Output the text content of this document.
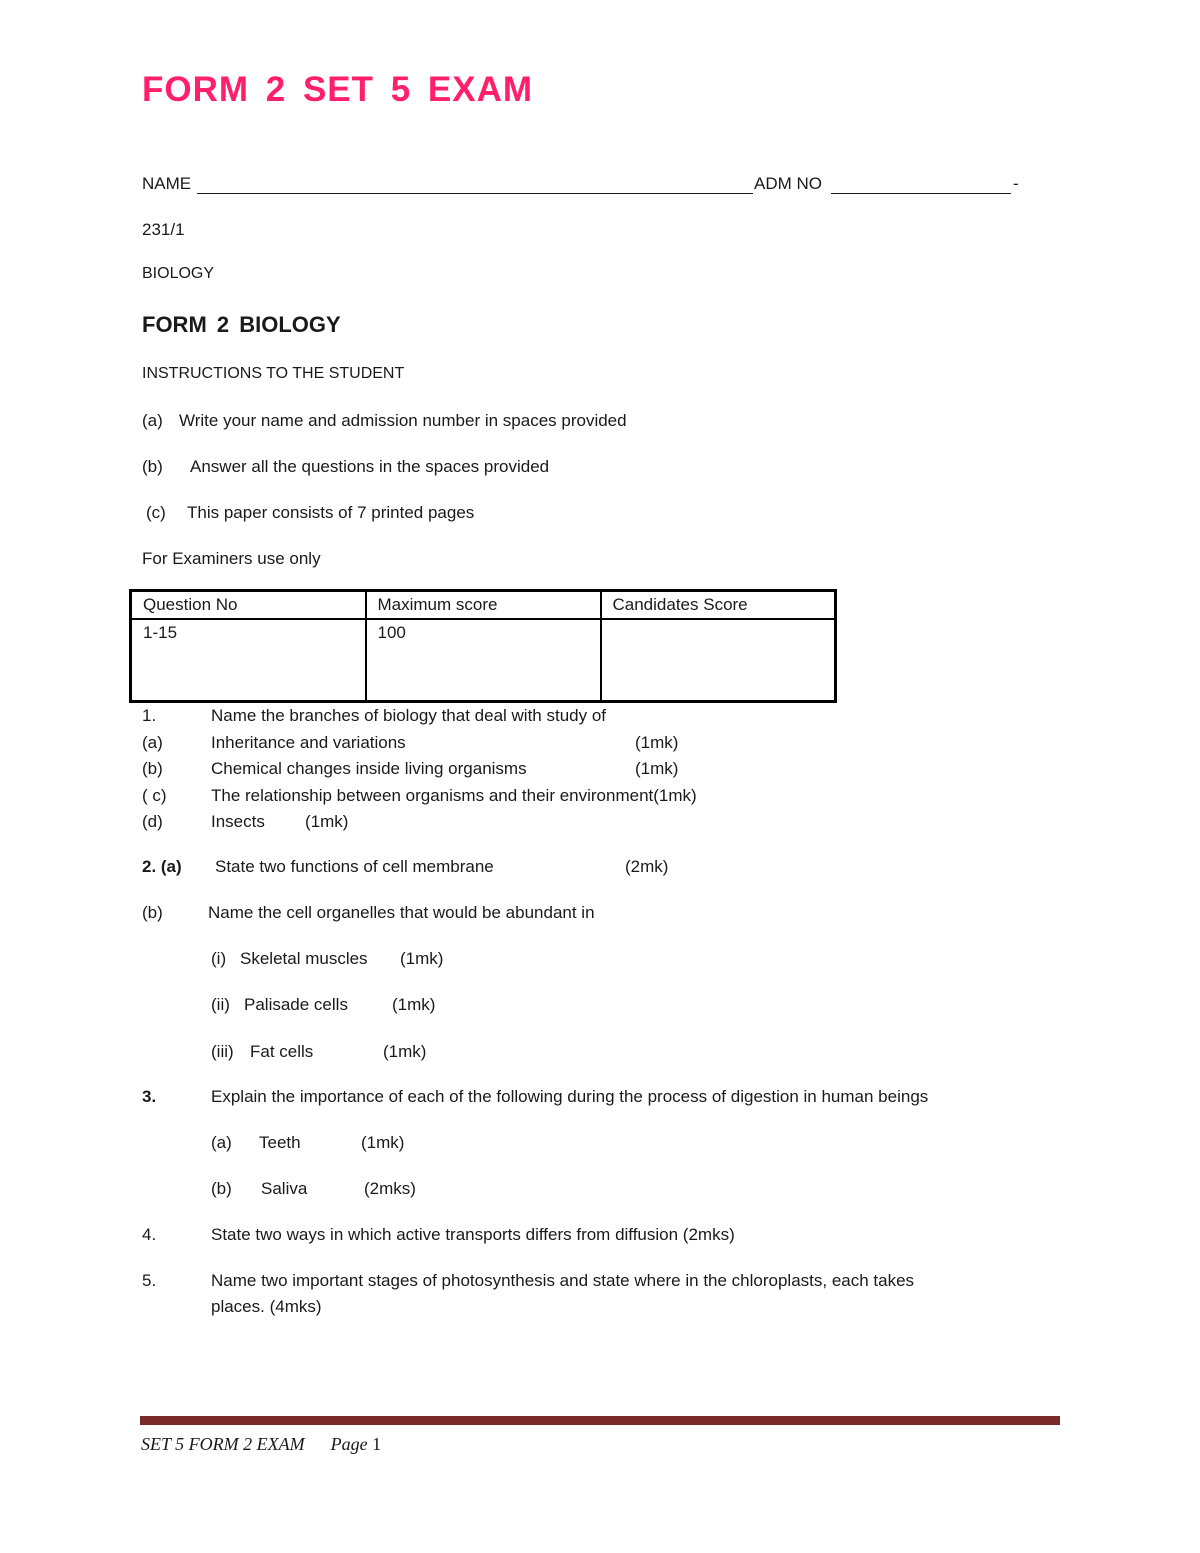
FORM 2 SET 5 EXAM
NAME	ADM NO	-
231/1
BIOLOGY
FORM 2 BIOLOGY
INSTRUCTIONS TO THE STUDENT
(a) Write your name and admission number in spaces provided
(b) Answer all the questions in the spaces provided
(c) This paper consists of 7 printed pages
For Examiners use only
Question No	Maximum score	Candidates Score
1-15	100	
1.	Name the branches of biology that deal with study of
(a)	Inheritance and variations	(1mk)
(b)	Chemical changes inside living organisms	(1mk)
( c)	The relationship between organisms and their environment(1mk)
(d)	Insects (1mk)
2. (a) State two functions of cell membrane	(2mk)
(b)	Name the cell organelles that would be abundant in
(i) Skeletal muscles (1mk)
(ii) Palisade cells	(1mk)
(iii) Fat cells	(1mk)
3.	Explain the importance of each of the following during the process of digestion in human beings
(a) Teeth	(1mk)
(b) Saliva	(2mks)
4.	State two ways in which active transports differs from diffusion (2mks)
5.	Name two important stages of photosynthesis and state where in the chloroplasts, each takes
places. (4mks)
SET 5 FORM 2 EXAM Page 1
